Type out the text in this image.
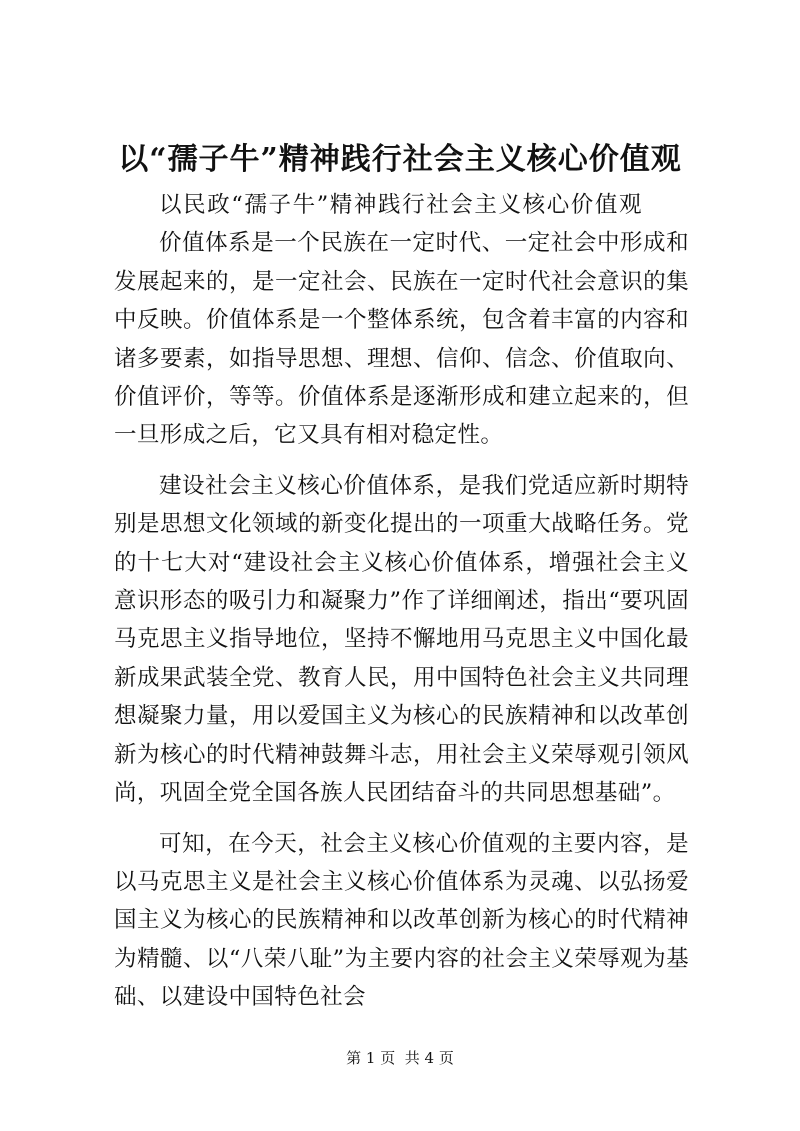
以“孺子牛”精神践行社会主义核心价值观

以民政“孺子牛”精神践行社会主义核心价值观

价值体系是一个民族在一定时代、一定社会中形成和发展起来的，是一定社会、民族在一定时代社会意识的集中反映。价值体系是一个整体系统，包含着丰富的内容和诸多要素，如指导思想、理想、信仰、信念、价值取向、价值评价，等等。价值体系是逐渐形成和建立起来的，但一旦形成之后，它又具有相对稳定性。

建设社会主义核心价值体系，是我们党适应新时期特别是思想文化领域的新变化提出的一项重大战略任务。党的十七大对“建设社会主义核心价值体系，增强社会主义意识形态的吸引力和凝聚力”作了详细阐述，指出“要巩固马克思主义指导地位，坚持不懈地用马克思主义中国化最新成果武装全党、教育人民，用中国特色社会主义共同理想凝聚力量，用以爱国主义为核心的民族精神和以改革创新为核心的时代精神鼓舞斗志，用社会主义荣辱观引领风尚，巩固全党全国各族人民团结奋斗的共同思想基础”。

可知，在今天，社会主义核心价值观的主要内容，是以马克思主义是社会主义核心价值体系为灵魂、以弘扬爱国主义为核心的民族精神和以改革创新为核心的时代精神为精髓、以“八荣八耻”为主要内容的社会主义荣辱观为基础、以建设中国特色社会

第 1 页  共 4 页
